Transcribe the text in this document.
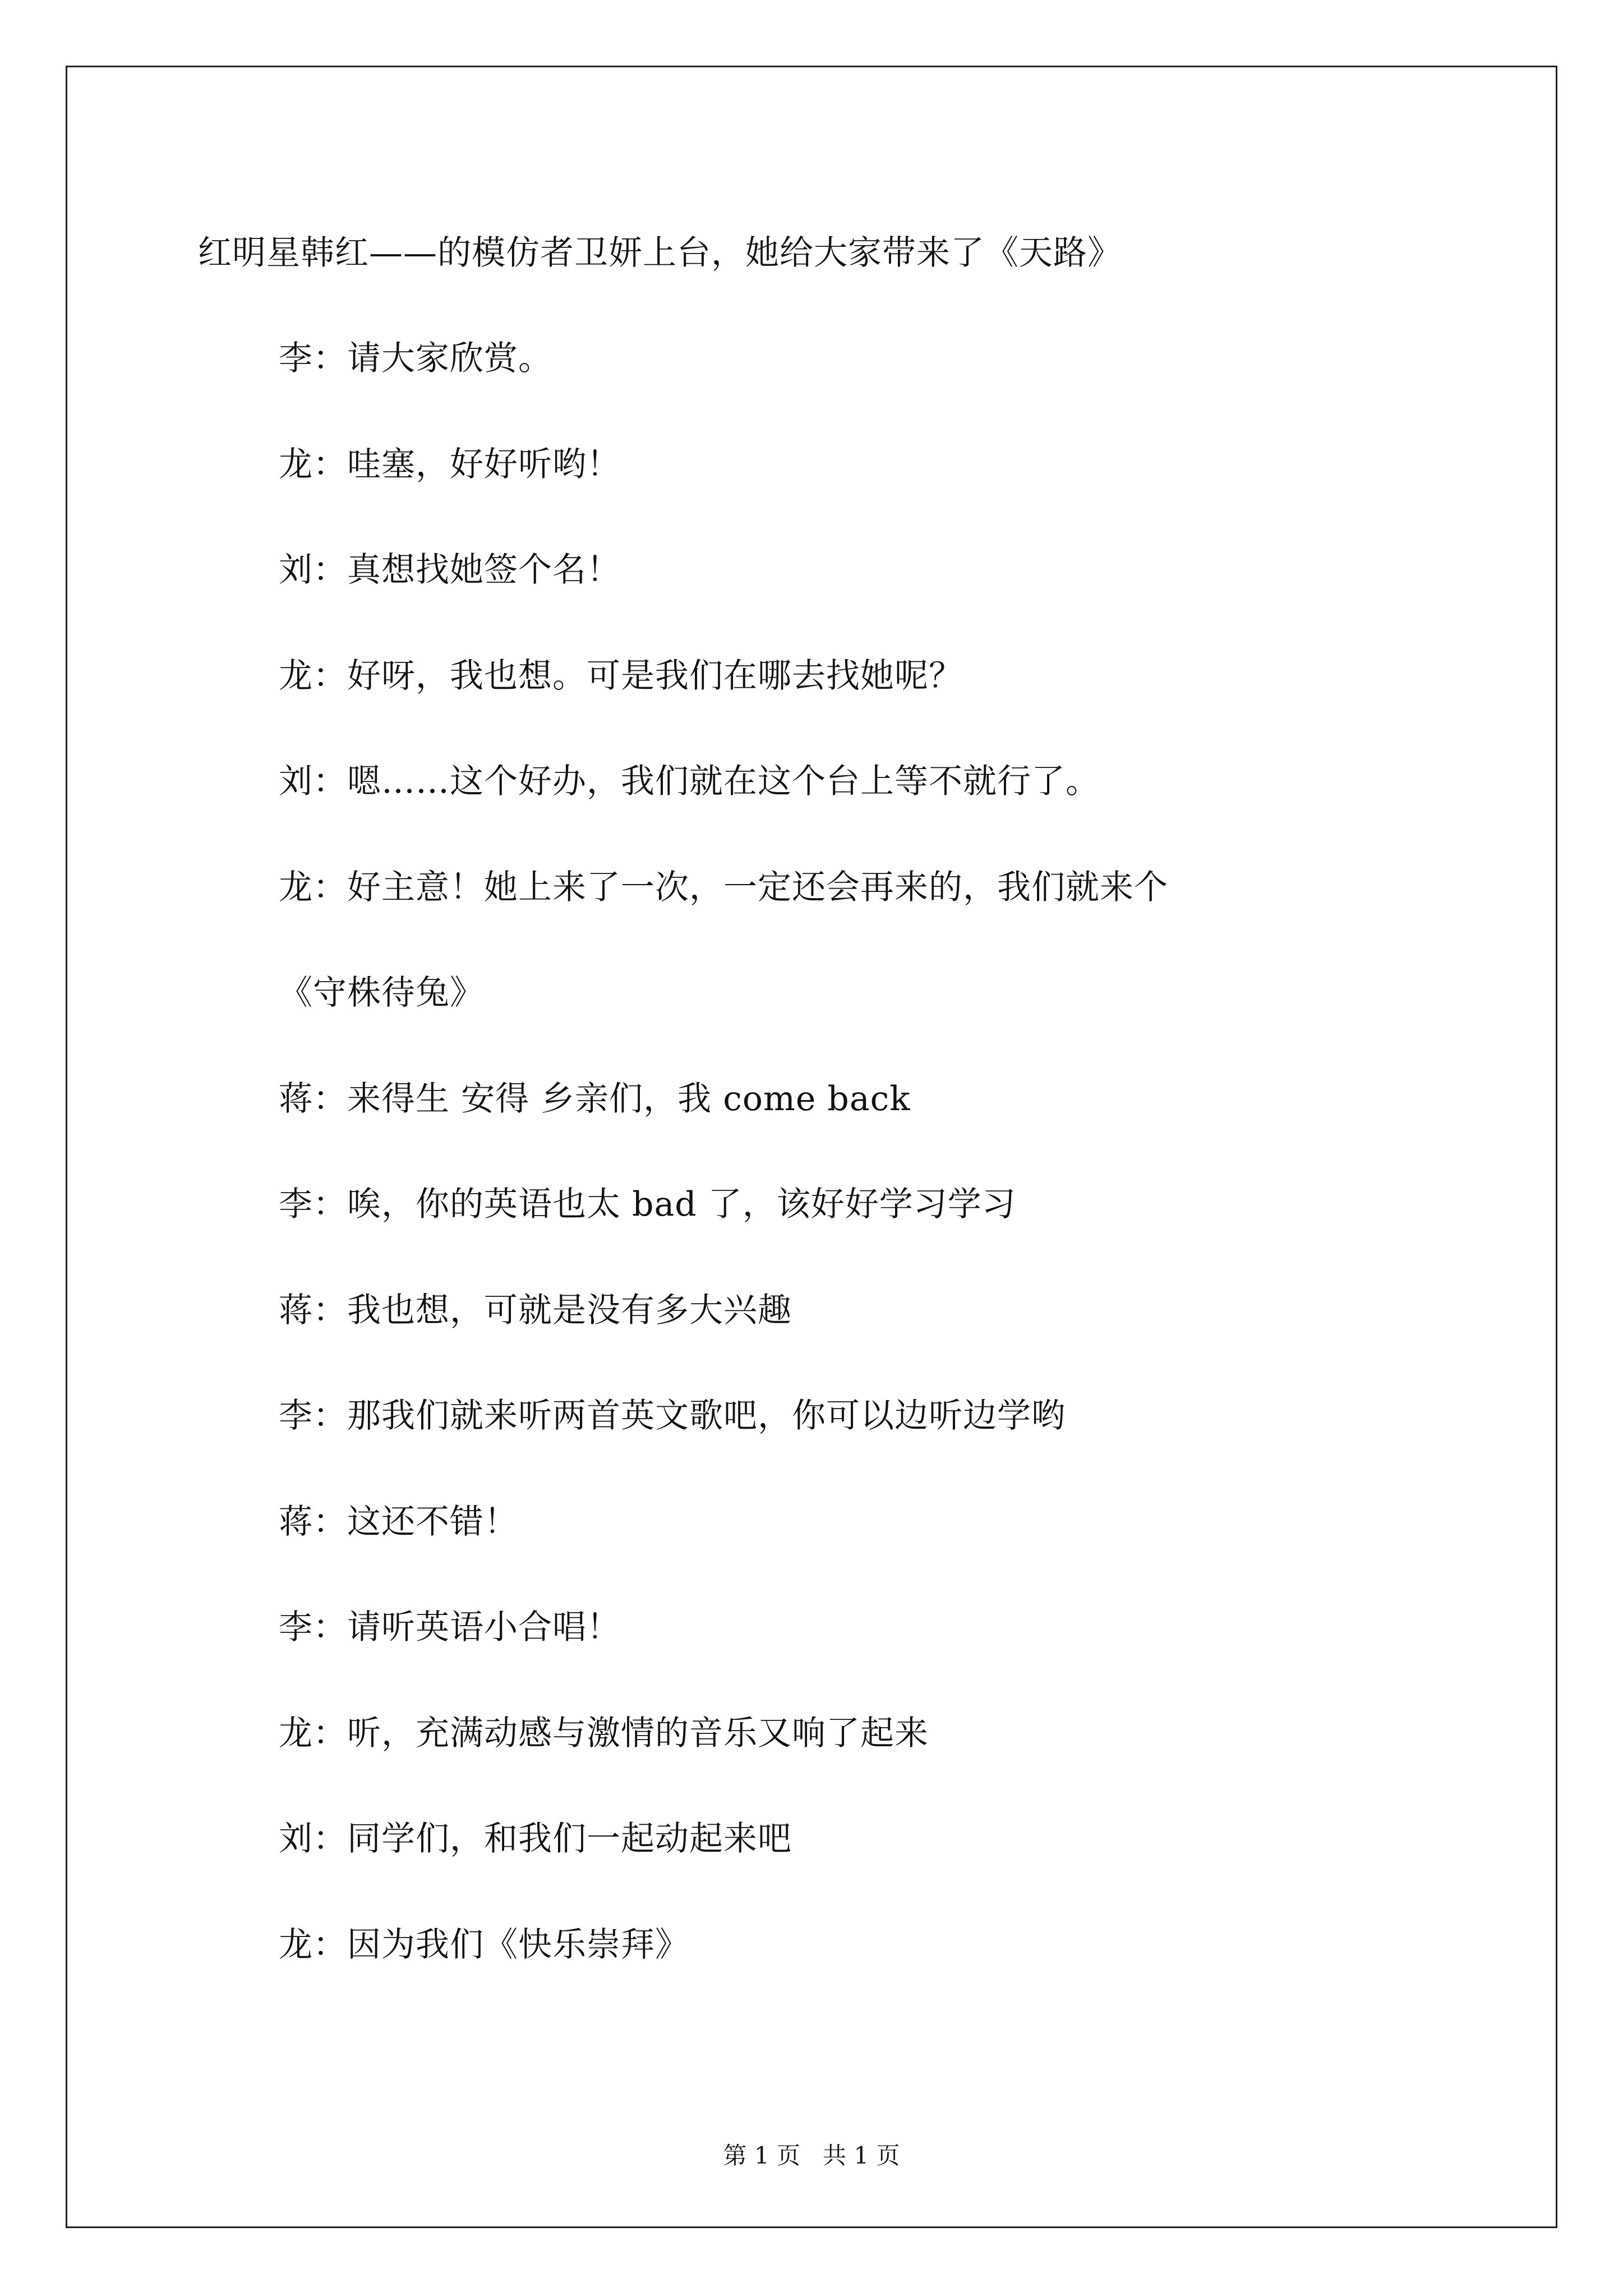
红明星韩红——的模仿者卫妍上台，她给大家带来了《天路》
李：请大家欣赏。
龙：哇塞，好好听哟！
刘：真想找她签个名！
龙：好呀，我也想。可是我们在哪去找她呢？
刘：嗯……这个好办，我们就在这个台上等不就行了。
龙：好主意！她上来了一次，一定还会再来的，我们就来个
《守株待兔》
蒋：来得生 安得 乡亲们，我 come back
李：唉，你的英语也太 bad 了，该好好学习学习
蒋：我也想，可就是没有多大兴趣
李：那我们就来听两首英文歌吧，你可以边听边学哟
蒋：这还不错！
李：请听英语小合唱！
龙：听，充满动感与激情的音乐又响了起来
刘：同学们，和我们一起动起来吧
龙：因为我们《快乐崇拜》
第 1 页   共 1 页
